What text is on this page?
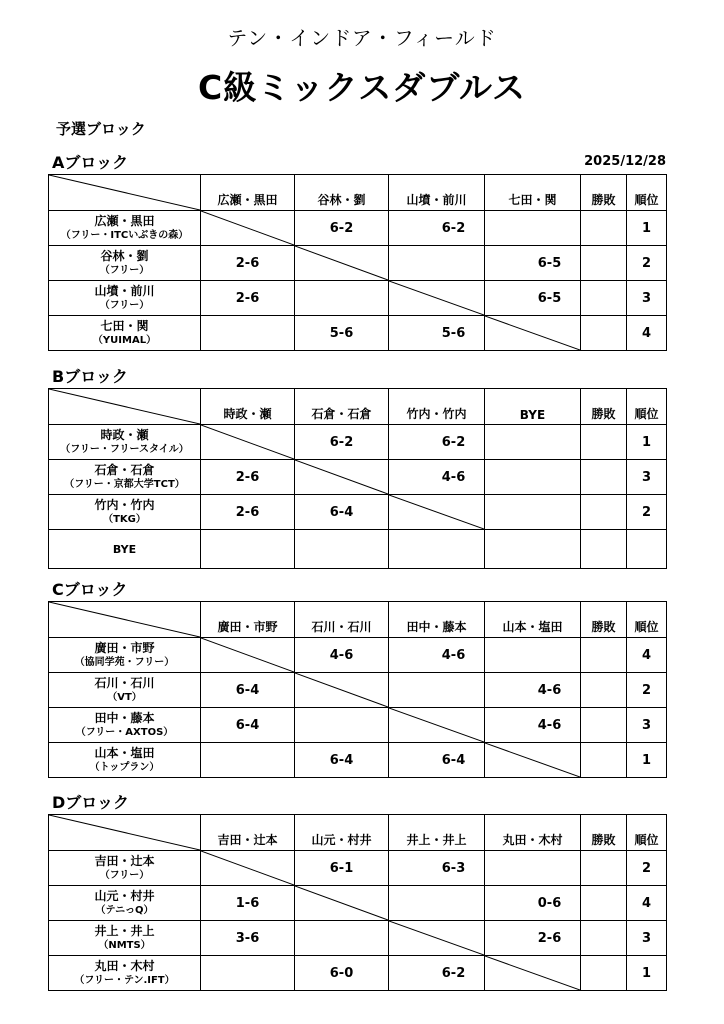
テン・インドア・フィールド
C級ミックスダブルス
予選ブロック
Aブロック	2025/12/28
	広瀬・黒田	谷林・劉	山墳・前川	七田・関	勝敗	順位

広瀬・黒田
（フリー・ITCいぶきの森）		6-2	6-2			1

谷林・劉
（フリー）	2-6			6-5		2

山墳・前川
（フリー）	2-6			6-5		3

七田・関
（YUIMAL）		5-6	5-6			4
Bブロック
	時政・瀬	石倉・石倉	竹内・竹内	BYE	勝敗	順位

時政・瀬
（フリー・フリースタイル）		6-2	6-2			1

石倉・石倉
（フリー・京都大学TCT）	2-6		4-6			3

竹内・竹内
（TKG）	2-6	6-4				2
BYE						
Cブロック
	廣田・市野	石川・石川	田中・藤本	山本・塩田	勝敗	順位

廣田・市野
（協同学苑・フリー）		4-6	4-6			4

石川・石川
（VT）	6-4			4-6		2

田中・藤本
（フリー・AXTOS）	6-4			4-6		3

山本・塩田
（トップラン）		6-4	6-4			1
Dブロック
	吉田・辻本	山元・村井	井上・井上	丸田・木村	勝敗	順位

吉田・辻本
（フリー）		6-1	6-3			2

山元・村井
（テニっQ）	1-6			0-6		4

井上・井上
（NMTS）	3-6			2-6		3

丸田・木村
（フリー・テン.IFT）		6-0	6-2			1
